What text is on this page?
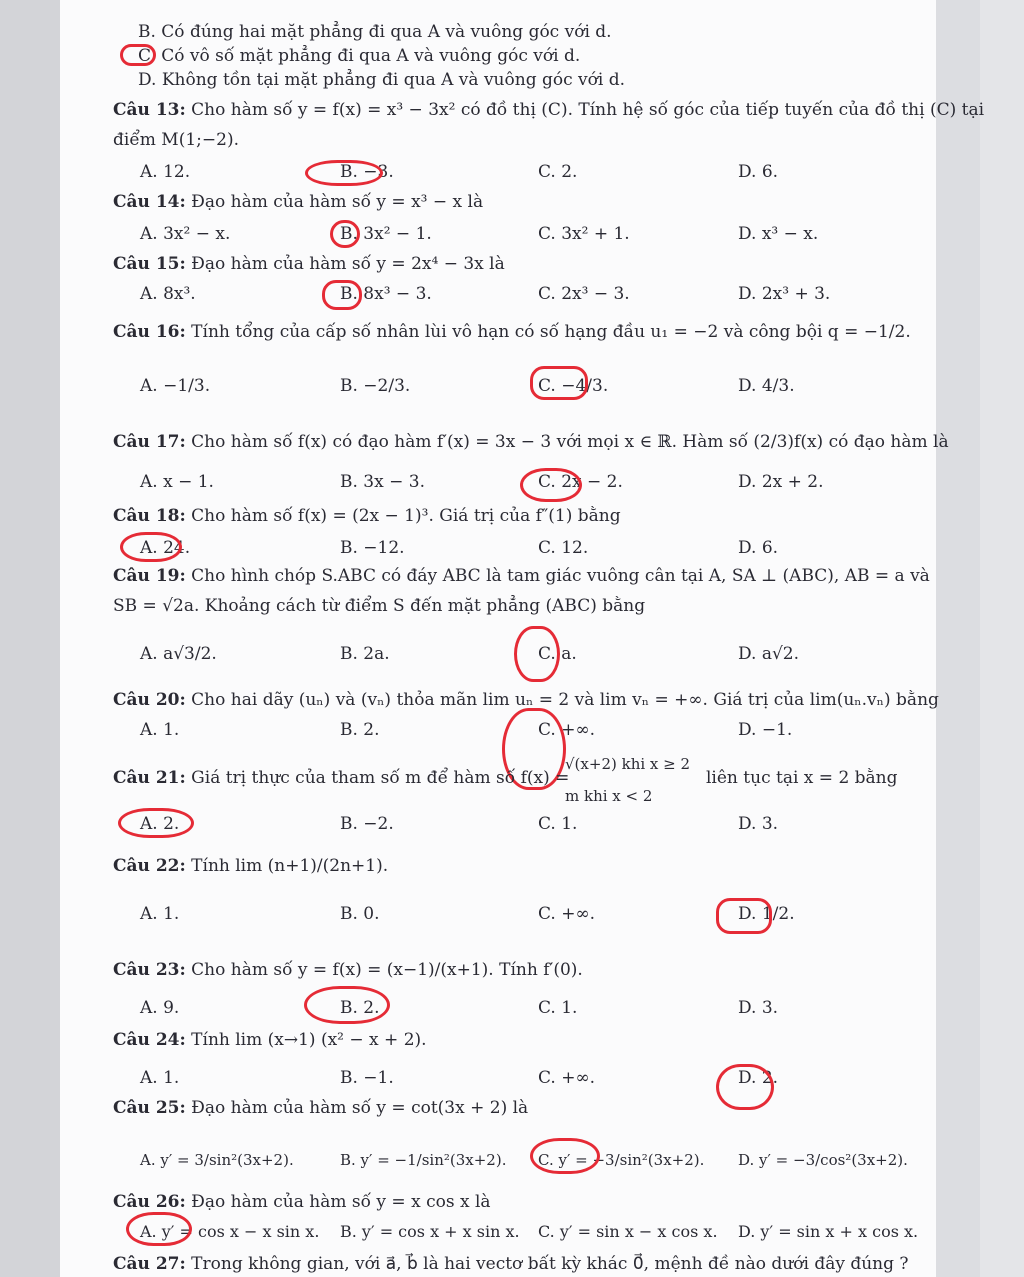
B. Có đúng hai mặt phẳng đi qua A và vuông góc với d.
C. Có vô số mặt phẳng đi qua A và vuông góc với d.
D. Không tồn tại mặt phẳng đi qua A và vuông góc với d.
Câu 13: Cho hàm số y = f(x) = x³ − 3x² có đồ thị (C). Tính hệ số góc của tiếp tuyến của đồ thị (C) tại
điểm M(1;−2).
A. 12.	B. −3.	C. 2.	D. 6.
Câu 14: Đạo hàm của hàm số y = x³ − x là
A. 3x² − x.	B. 3x² − 1.	C. 3x² + 1.	D. x³ − x.
Câu 15: Đạo hàm của hàm số y = 2x⁴ − 3x là
A. 8x³.	B. 8x³ − 3.	C. 2x³ − 3.	D. 2x³ + 3.
Câu 16: Tính tổng của cấp số nhân lùi vô hạn có số hạng đầu u₁ = −2 và công bội q = −1/2.
A. −1/3.	B. −2/3.	C. −4/3.	D. 4/3.
Câu 17: Cho hàm số f(x) có đạo hàm f′(x) = 3x − 3 với mọi x ∈ ℝ. Hàm số (2/3)f(x) có đạo hàm là
A. x − 1.	B. 3x − 3.	C. 2x − 2.	D. 2x + 2.
Câu 18: Cho hàm số f(x) = (2x − 1)³. Giá trị của f″(1) bằng
A. 24.	B. −12.	C. 12.	D. 6.
Câu 19: Cho hình chóp S.ABC có đáy ABC là tam giác vuông cân tại A, SA ⊥ (ABC), AB = a và
SB = √2a. Khoảng cách từ điểm S đến mặt phẳng (ABC) bằng
A. a√3/2.	B. 2a.	C. a.	D. a√2.
Câu 20: Cho hai dãy (uₙ) và (vₙ) thỏa mãn lim uₙ = 2 và lim vₙ = +∞. Giá trị của lim(uₙ.vₙ) bằng
A. 1.	B. 2.	C. +∞.	D. −1.
Câu 21: Giá trị thực của tham số m để hàm số f(x) =
√(x+2) khi x ≥ 2
m khi x < 2
liên tục tại x = 2 bằng
A. 2.	B. −2.	C. 1.	D. 3.
Câu 22: Tính lim (n+1)/(2n+1).
A. 1.	B. 0.	C. +∞.	D. 1/2.
Câu 23: Cho hàm số y = f(x) = (x−1)/(x+1). Tính f′(0).
A. 9.	B. 2.	C. 1.	D. 3.
Câu 24: Tính lim (x→1) (x² − x + 2).
A. 1.	B. −1.	C. +∞.	D. 2.
Câu 25: Đạo hàm của hàm số y = cot(3x + 2) là
A. y′ = 3/sin²(3x+2).	B. y′ = −1/sin²(3x+2). C. y′ = −3/sin²(3x+2). D. y′ = −3/cos²(3x+2).
Câu 26: Đạo hàm của hàm số y = x cos x là
A. y′ = cos x − x sin x. B. y′ = cos x + x sin x. C. y′ = sin x − x cos x. D. y′ = sin x + x cos x.
Câu 27: Trong không gian, với a⃗, b⃗ là hai vectơ bất kỳ khác 0⃗, mệnh đề nào dưới đây đúng ?
